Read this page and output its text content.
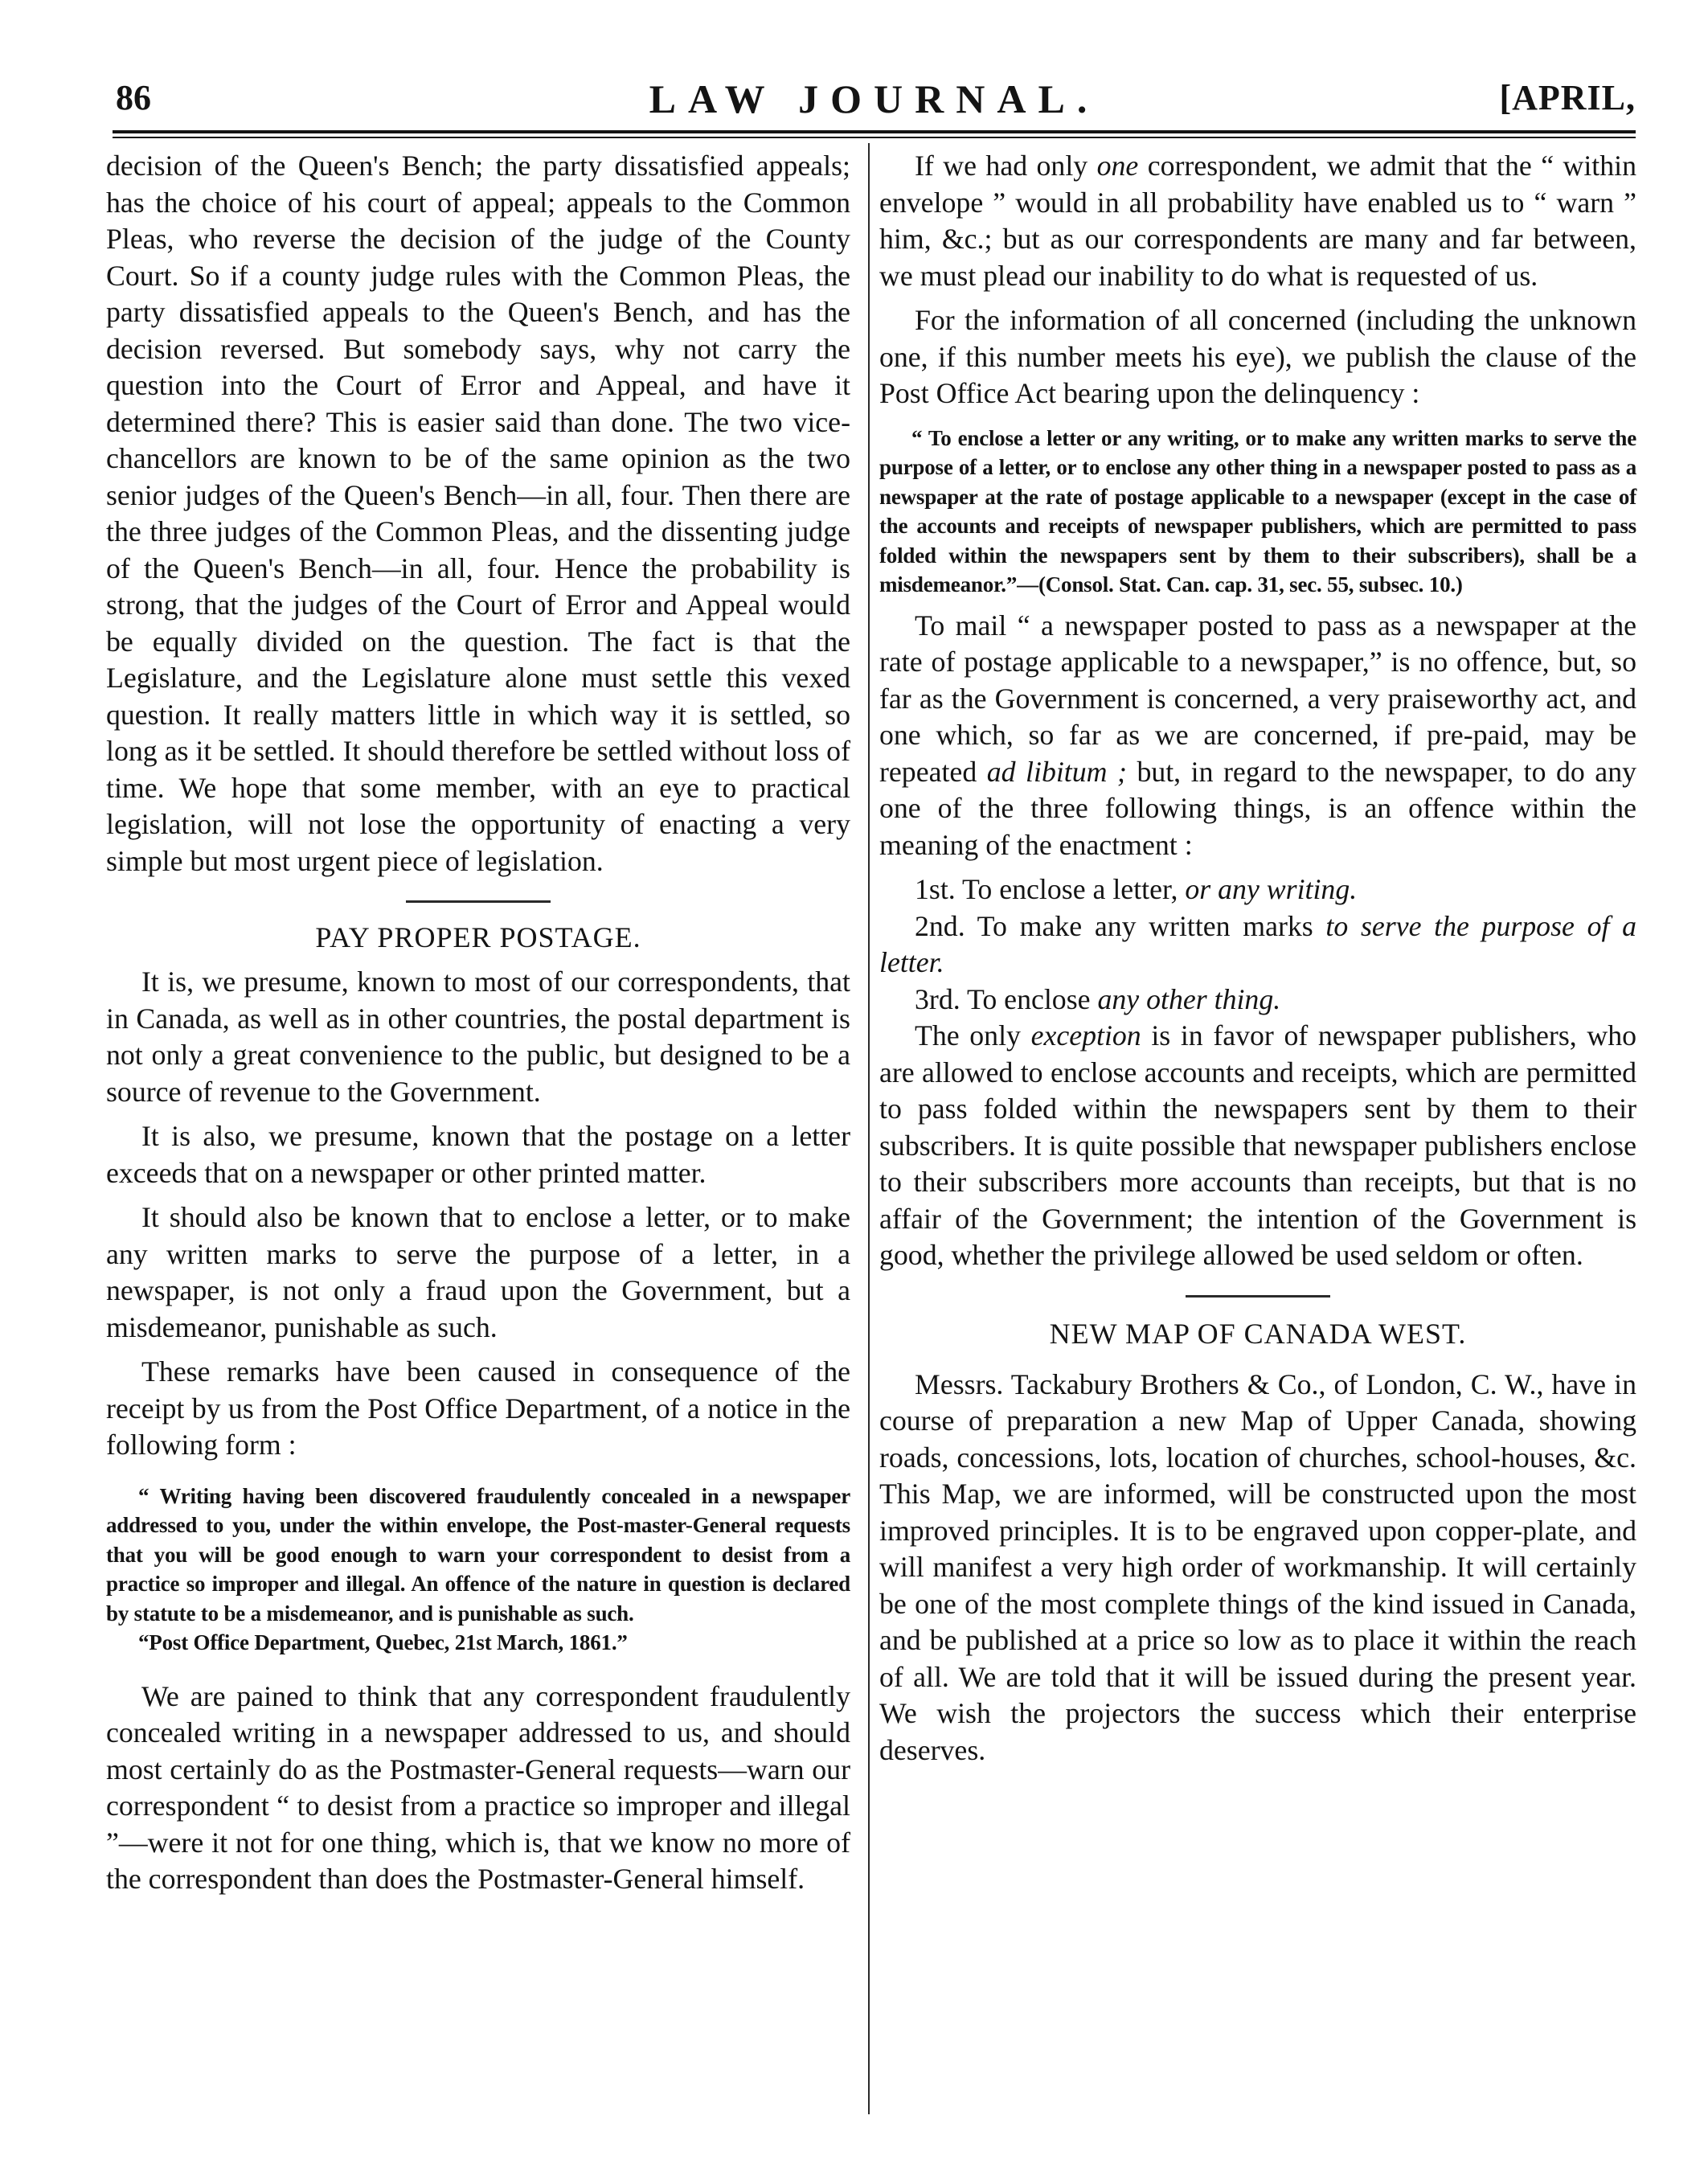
86	LAW JOURNAL.	[APRIL,

decision of the Queen's Bench; the party dissatisfied appeals; has the choice of his court of appeal; appeals to the Common Pleas, who reverse the decision of the judge of the County Court. So if a county judge rules with the Common Pleas, the party dissatisfied appeals to the Queen's Bench, and has the decision reversed. But somebody says, why not carry the question into the Court of Error and Appeal, and have it determined there? This is easier said than done. The two vice-chancellors are known to be of the same opinion as the two senior judges of the Queen's Bench—in all, four. Then there are the three judges of the Common Pleas, and the dissenting judge of the Queen's Bench—in all, four. Hence the probability is strong, that the judges of the Court of Error and Appeal would be equally divided on the question. The fact is that the Legislature, and the Legislature alone must settle this vexed question. It really matters little in which way it is settled, so long as it be settled. It should therefore be settled without loss of time. We hope that some member, with an eye to practical legislation, will not lose the opportunity of enacting a very simple but most urgent piece of legislation.

PAY PROPER POSTAGE.

It is, we presume, known to most of our correspondents, that in Canada, as well as in other countries, the postal department is not only a great convenience to the public, but designed to be a source of revenue to the Government.

It is also, we presume, known that the postage on a letter exceeds that on a newspaper or other printed matter.

It should also be known that to enclose a letter, or to make any written marks to serve the purpose of a letter, in a newspaper, is not only a fraud upon the Government, but a misdemeanor, punishable as such.

These remarks have been caused in consequence of the receipt by us from the Post Office Department, of a notice in the following form :

“ Writing having been discovered fraudulently concealed in a newspaper addressed to you, under the within envelope, the Post-master-General requests that you will be good enough to warn your correspondent to desist from a practice so improper and illegal. An offence of the nature in question is declared by statute to be a misdemeanor, and is punishable as such.

“Post Office Department, Quebec, 21st March, 1861.”

We are pained to think that any correspondent fraudulently concealed writing in a newspaper addressed to us, and should most certainly do as the Postmaster-General requests—warn our correspondent “ to desist from a practice so improper and illegal ”—were it not for one thing, which is, that we know no more of the correspondent than does the Postmaster-General himself.

If we had only one correspondent, we admit that the “ within envelope ” would in all probability have enabled us to “ warn ” him, &c.; but as our correspondents are many and far between, we must plead our inability to do what is requested of us.

For the information of all concerned (including the unknown one, if this number meets his eye), we publish the clause of the Post Office Act bearing upon the delinquency :

“ To enclose a letter or any writing, or to make any written marks to serve the purpose of a letter, or to enclose any other thing in a newspaper posted to pass as a newspaper at the rate of postage applicable to a newspaper (except in the case of the accounts and receipts of newspaper publishers, which are permitted to pass folded within the newspapers sent by them to their subscribers), shall be a misdemeanor.”—(Consol. Stat. Can. cap. 31, sec. 55, subsec. 10.)

To mail “ a newspaper posted to pass as a newspaper at the rate of postage applicable to a newspaper,” is no offence, but, so far as the Government is concerned, a very praiseworthy act, and one which, so far as we are concerned, if pre-paid, may be repeated ad libitum ; but, in regard to the newspaper, to do any one of the three following things, is an offence within the meaning of the enactment :

1st. To enclose a letter, or any writing.

2nd. To make any written marks to serve the purpose of a letter.

3rd. To enclose any other thing.

The only exception is in favor of newspaper publishers, who are allowed to enclose accounts and receipts, which are permitted to pass folded within the newspapers sent by them to their subscribers. It is quite possible that newspaper publishers enclose to their subscribers more accounts than receipts, but that is no affair of the Government; the intention of the Government is good, whether the privilege allowed be used seldom or often.

NEW MAP OF CANADA WEST.

Messrs. Tackabury Brothers & Co., of London, C. W., have in course of preparation a new Map of Upper Canada, showing roads, concessions, lots, location of churches, school-houses, &c. This Map, we are informed, will be constructed upon the most improved principles. It is to be engraved upon copper-plate, and will manifest a very high order of workmanship. It will certainly be one of the most complete things of the kind issued in Canada, and be published at a price so low as to place it within the reach of all. We are told that it will be issued during the present year. We wish the projectors the success which their enterprise deserves.
